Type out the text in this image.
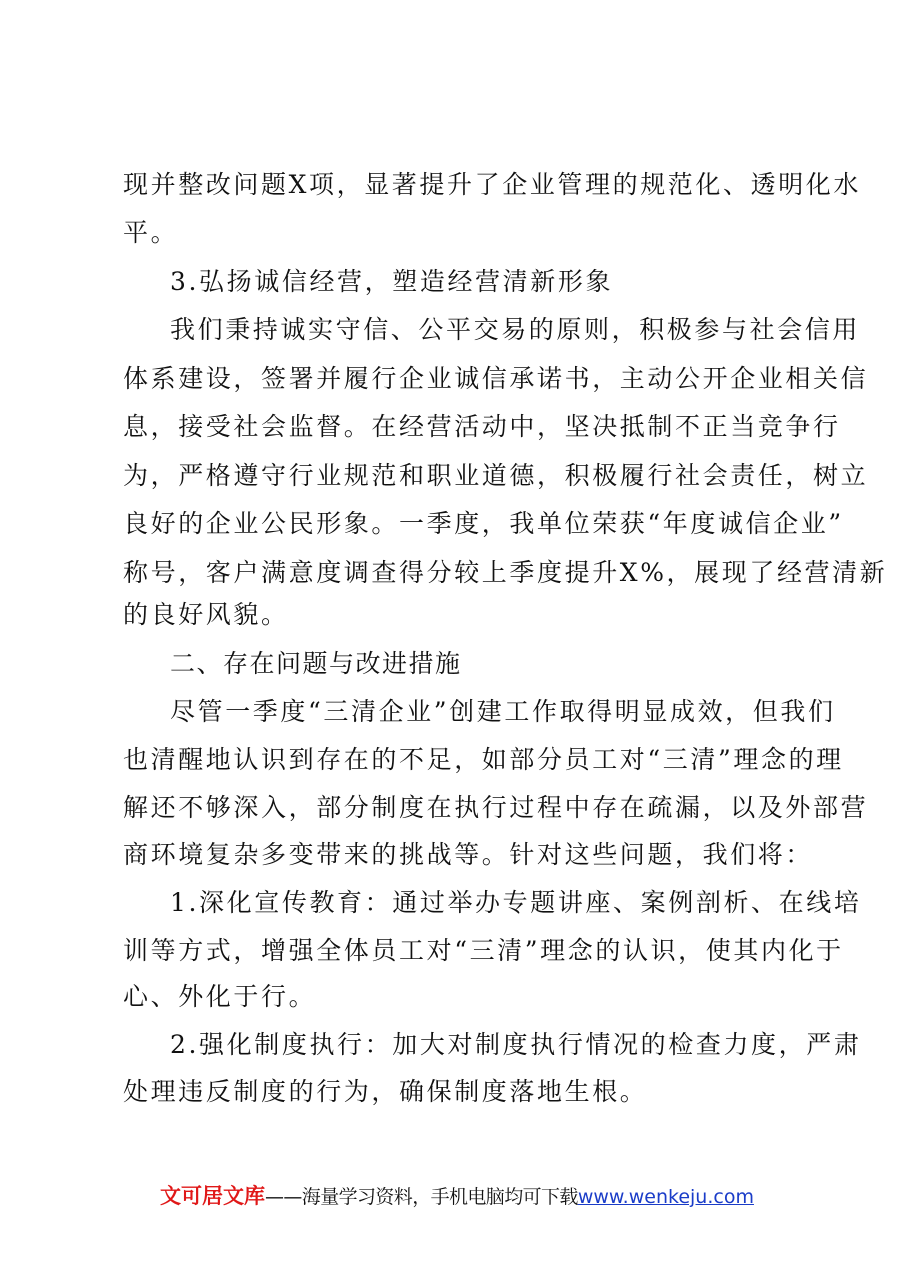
现并整改问题X项，显著提升了企业管理的规范化、透明化水
平。
3.弘扬诚信经营，塑造经营清新形象
我们秉持诚实守信、公平交易的原则，积极参与社会信用
体系建设，签署并履行企业诚信承诺书，主动公开企业相关信
息，接受社会监督。在经营活动中，坚决抵制不正当竞争行
为，严格遵守行业规范和职业道德，积极履行社会责任，树立
良好的企业公民形象。一季度，我单位荣获“年度诚信企业”
称号，客户满意度调查得分较上季度提升X%，展现了经营清新
的良好风貌。
二、存在问题与改进措施
尽管一季度“三清企业”创建工作取得明显成效，但我们
也清醒地认识到存在的不足，如部分员工对“三清”理念的理
解还不够深入，部分制度在执行过程中存在疏漏，以及外部营
商环境复杂多变带来的挑战等。针对这些问题，我们将：
1.深化宣传教育：通过举办专题讲座、案例剖析、在线培
训等方式，增强全体员工对“三清”理念的认识，使其内化于
心、外化于行。
2.强化制度执行：加大对制度执行情况的检查力度，严肃
处理违反制度的行为，确保制度落地生根。
文可居文库——海量学习资料，手机电脑均可下载www.wenkeju.com
